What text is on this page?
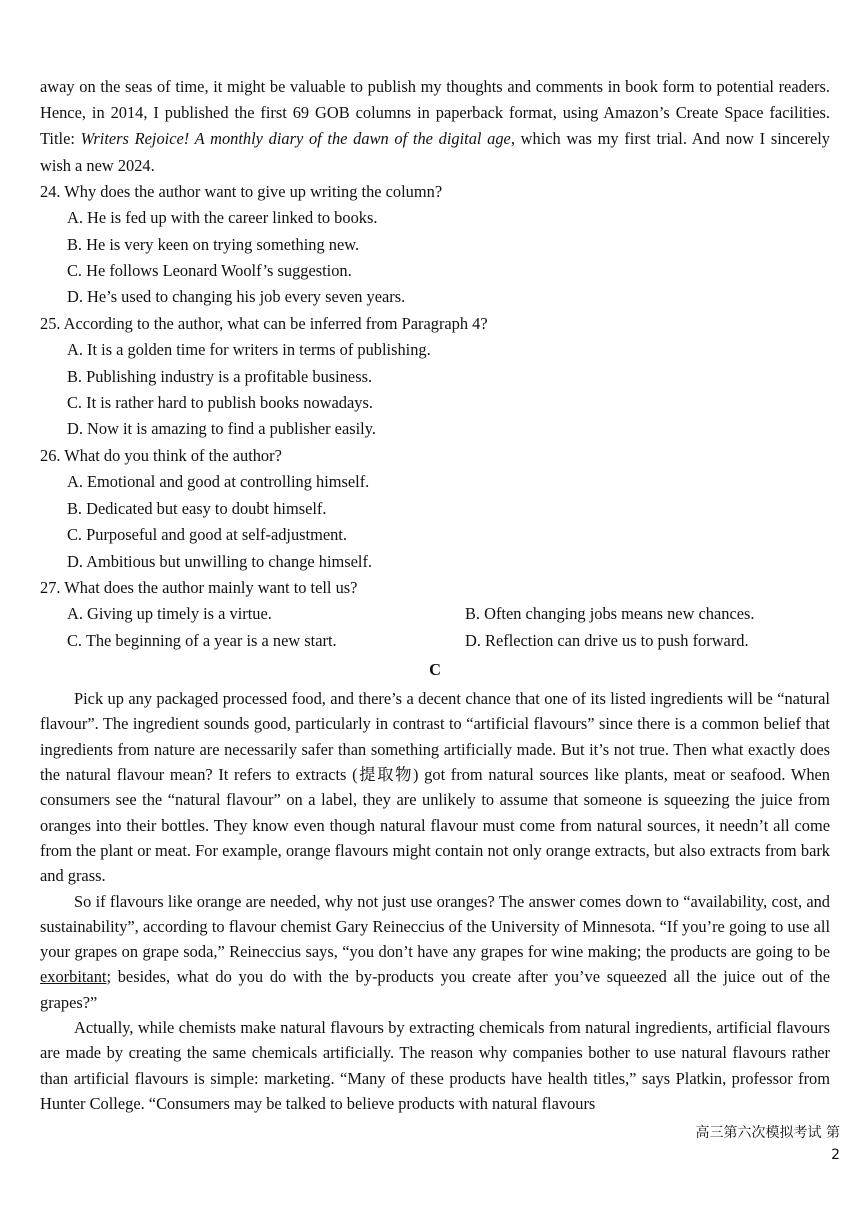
away on the seas of time, it might be valuable to publish my thoughts and comments in book form to potential readers. Hence, in 2014, I published the first 69 GOB columns in paperback format, using Amazon’s Create Space facilities. Title: Writers Rejoice! A monthly diary of the dawn of the digital age, which was my first trial. And now I sincerely wish a new 2024.

24. Why does the author want to give up writing the column?

A. He is fed up with the career linked to books.

B. He is very keen on trying something new.

C. He follows Leonard Woolf’s suggestion.

D. He’s used to changing his job every seven years.

25. According to the author, what can be inferred from Paragraph 4?

A. It is a golden time for writers in terms of publishing.

B. Publishing industry is a profitable business.

C. It is rather hard to publish books nowadays.

D. Now it is amazing to find a publisher easily.

26. What do you think of the author?

A. Emotional and good at controlling himself.

B. Dedicated but easy to doubt himself.

C. Purposeful and good at self-adjustment.

D. Ambitious but unwilling to change himself.

27. What does the author mainly want to tell us?

A. Giving up timely is a virtue.	B. Often changing jobs means new chances.
C. The beginning of a year is a new start.	D. Reflection can drive us to push forward.

C

Pick up any packaged processed food, and there’s a decent chance that one of its listed ingredients will be “natural flavour”. The ingredient sounds good, particularly in contrast to “artificial flavours” since there is a common belief that ingredients from nature are necessarily safer than something artificially made. But it’s not true. Then what exactly does the natural flavour mean? It refers to extracts (提取物) got from natural sources like plants, meat or seafood. When consumers see the “natural flavour” on a label, they are unlikely to assume that someone is squeezing the juice from oranges into their bottles. They know even though natural flavour must come from natural sources, it needn’t all come from the plant or meat. For example, orange flavours might contain not only orange extracts, but also extracts from bark and grass.

So if flavours like orange are needed, why not just use oranges? The answer comes down to “availability, cost, and sustainability”, according to flavour chemist Gary Reineccius of the University of Minnesota. “If you’re going to use all your grapes on grape soda,” Reineccius says, “you don’t have any grapes for wine making; the products are going to be exorbitant; besides, what do you do with the by-products you create after you’ve squeezed all the juice out of the grapes?”

Actually, while chemists make natural flavours by extracting chemicals from natural ingredients, artificial flavours are made by creating the same chemicals artificially. The reason why companies bother to use natural flavours rather than artificial flavours is simple: marketing. “Many of these products have health titles,” says Platkin, professor from Hunter College. “Consumers may be talked to believe products with natural flavours

高三第六次模拟考试 第
2
